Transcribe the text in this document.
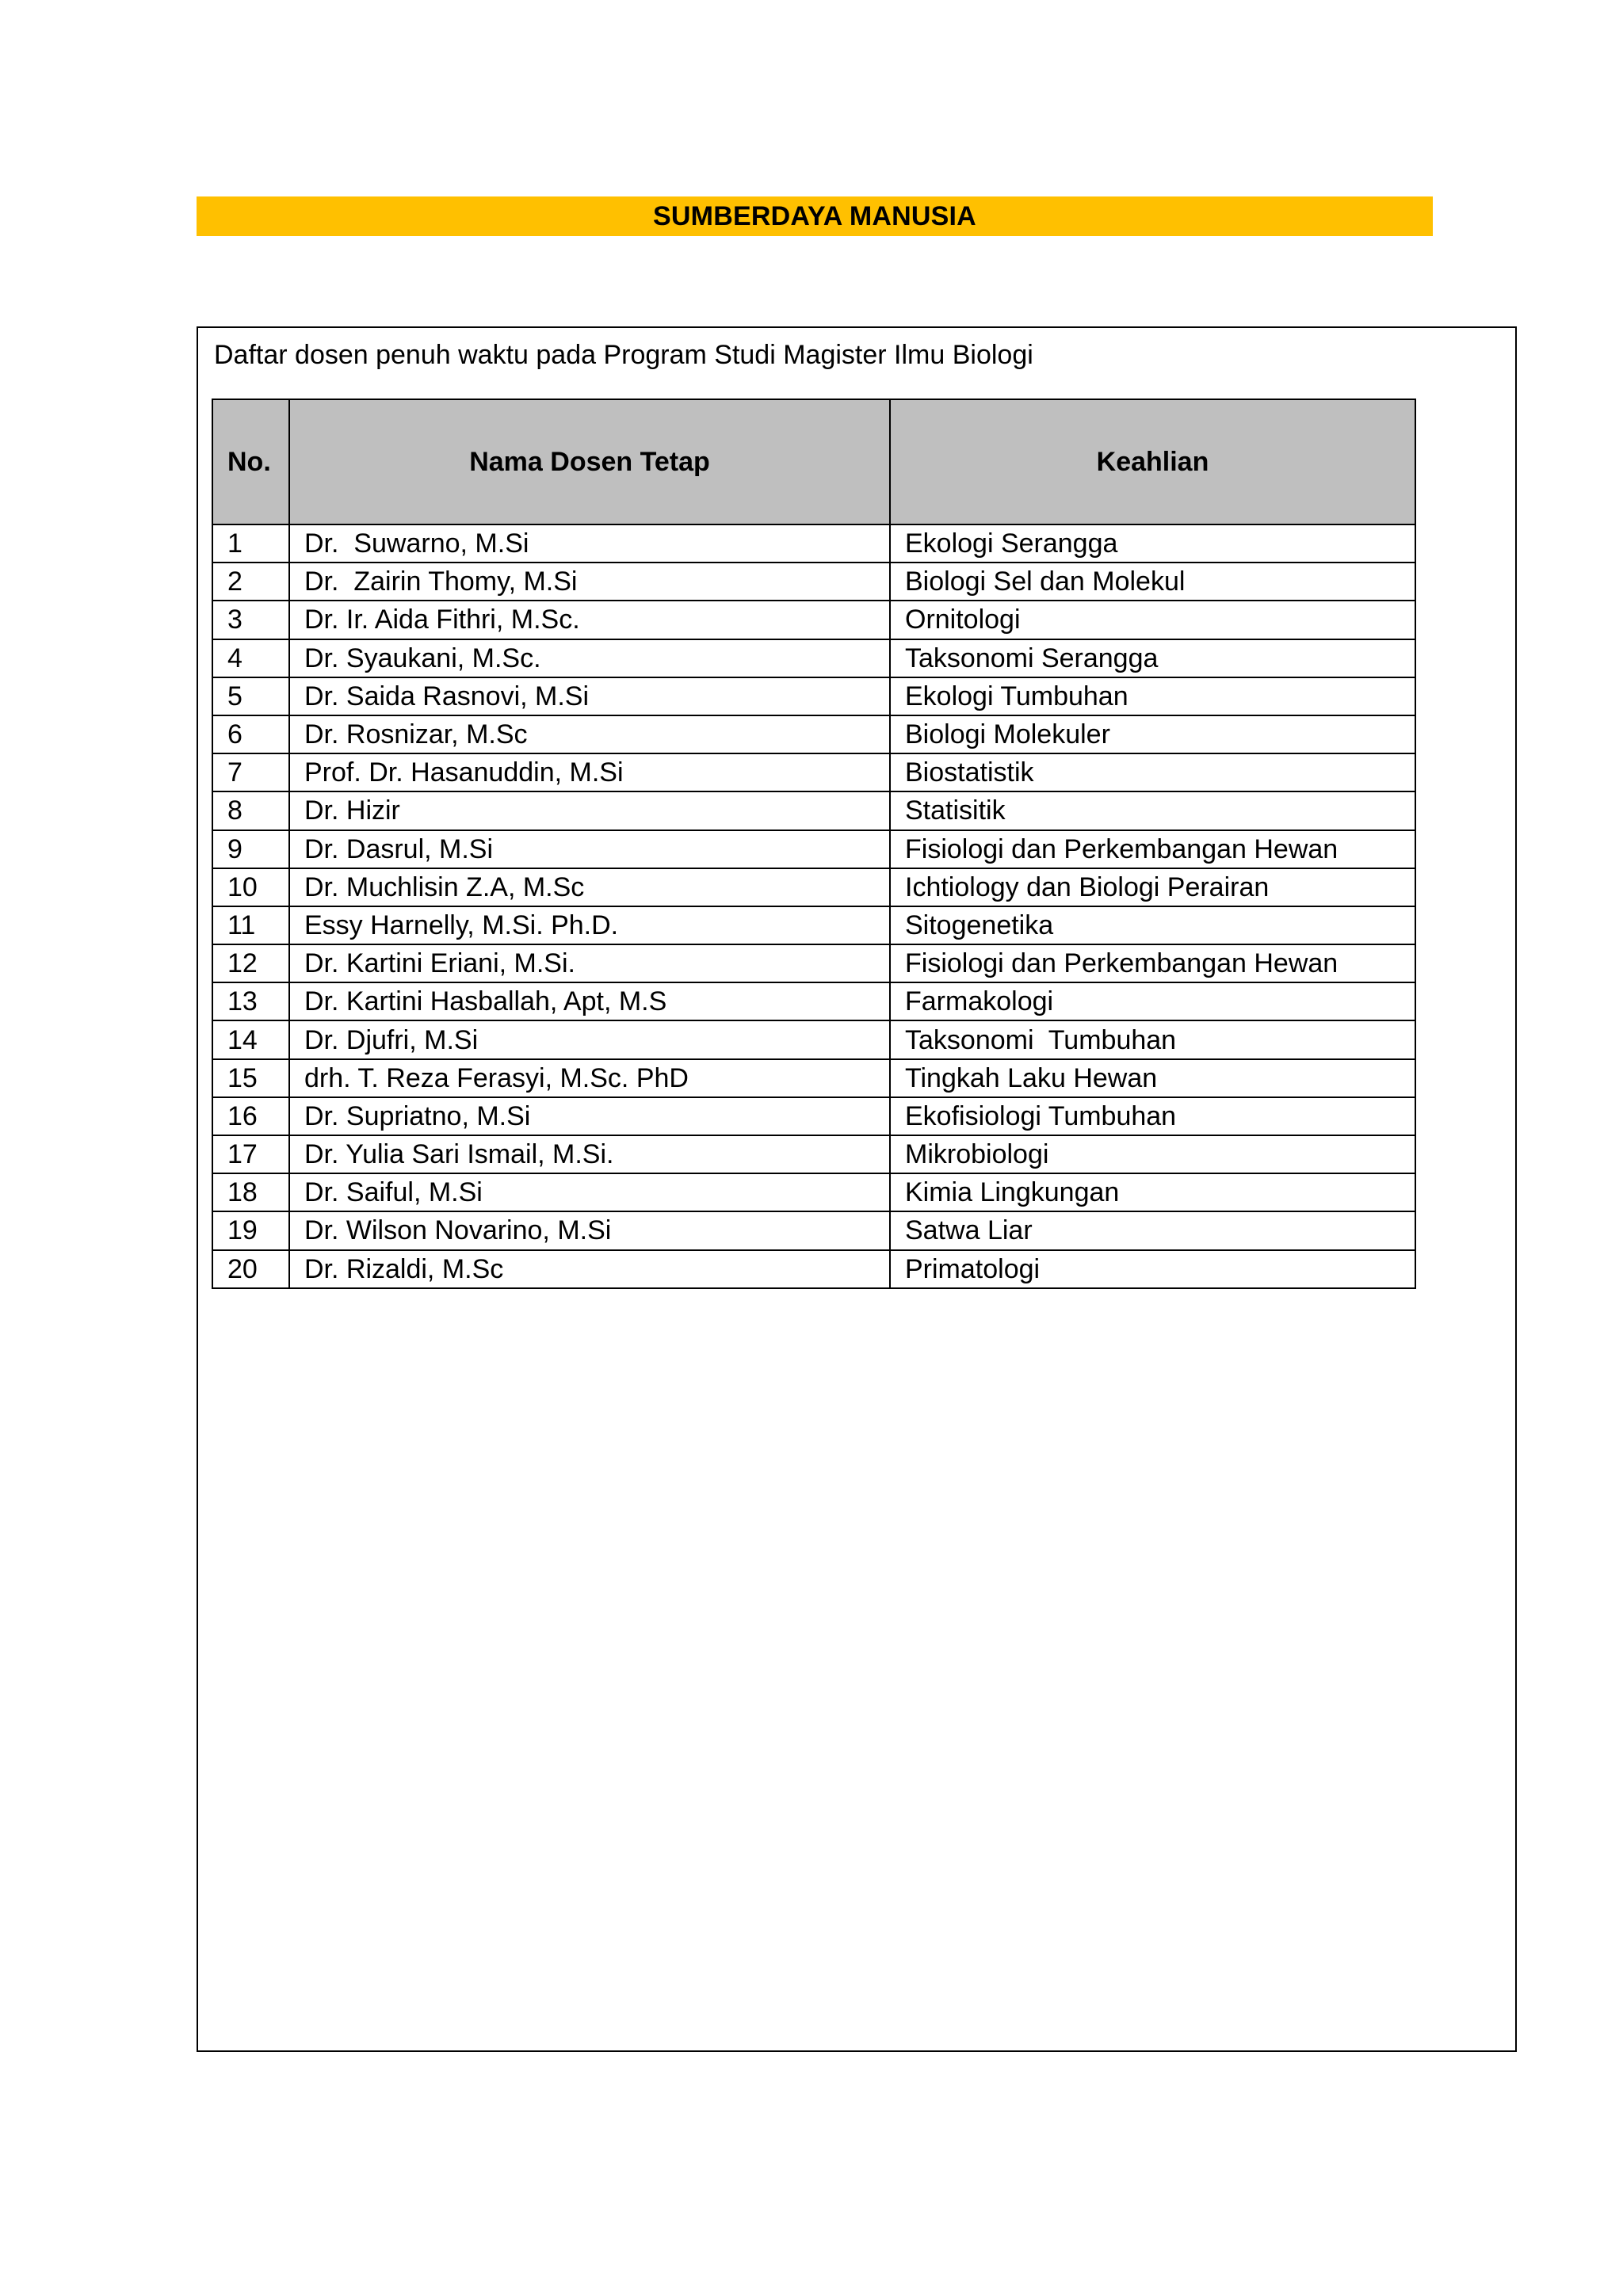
SUMBERDAYA MANUSIA
Daftar dosen penuh waktu pada Program Studi Magister Ilmu Biologi
No.	Nama Dosen Tetap	Keahlian
1	Dr.  Suwarno, M.Si	Ekologi Serangga
2	Dr.  Zairin Thomy, M.Si	Biologi Sel dan Molekul
3	Dr. Ir. Aida Fithri, M.Sc.	Ornitologi
4	Dr. Syaukani, M.Sc.	Taksonomi Serangga
5	Dr. Saida Rasnovi, M.Si	Ekologi Tumbuhan
6	Dr. Rosnizar, M.Sc	Biologi Molekuler
7	Prof. Dr. Hasanuddin, M.Si	Biostatistik
8	Dr. Hizir	Statisitik
9	Dr. Dasrul, M.Si	Fisiologi dan Perkembangan Hewan
10	Dr. Muchlisin Z.A, M.Sc	Ichtiology dan Biologi Perairan
11	Essy Harnelly, M.Si. Ph.D.	Sitogenetika
12	Dr. Kartini Eriani, M.Si.	Fisiologi dan Perkembangan Hewan
13	Dr. Kartini Hasballah, Apt, M.S	Farmakologi
14	Dr. Djufri, M.Si	Taksonomi  Tumbuhan
15	drh. T. Reza Ferasyi, M.Sc. PhD	Tingkah Laku Hewan
16	Dr. Supriatno, M.Si	Ekofisiologi Tumbuhan
17	Dr. Yulia Sari Ismail, M.Si.	Mikrobiologi
18	Dr. Saiful, M.Si	Kimia Lingkungan
19	Dr. Wilson Novarino, M.Si	Satwa Liar
20	Dr. Rizaldi, M.Sc	Primatologi
